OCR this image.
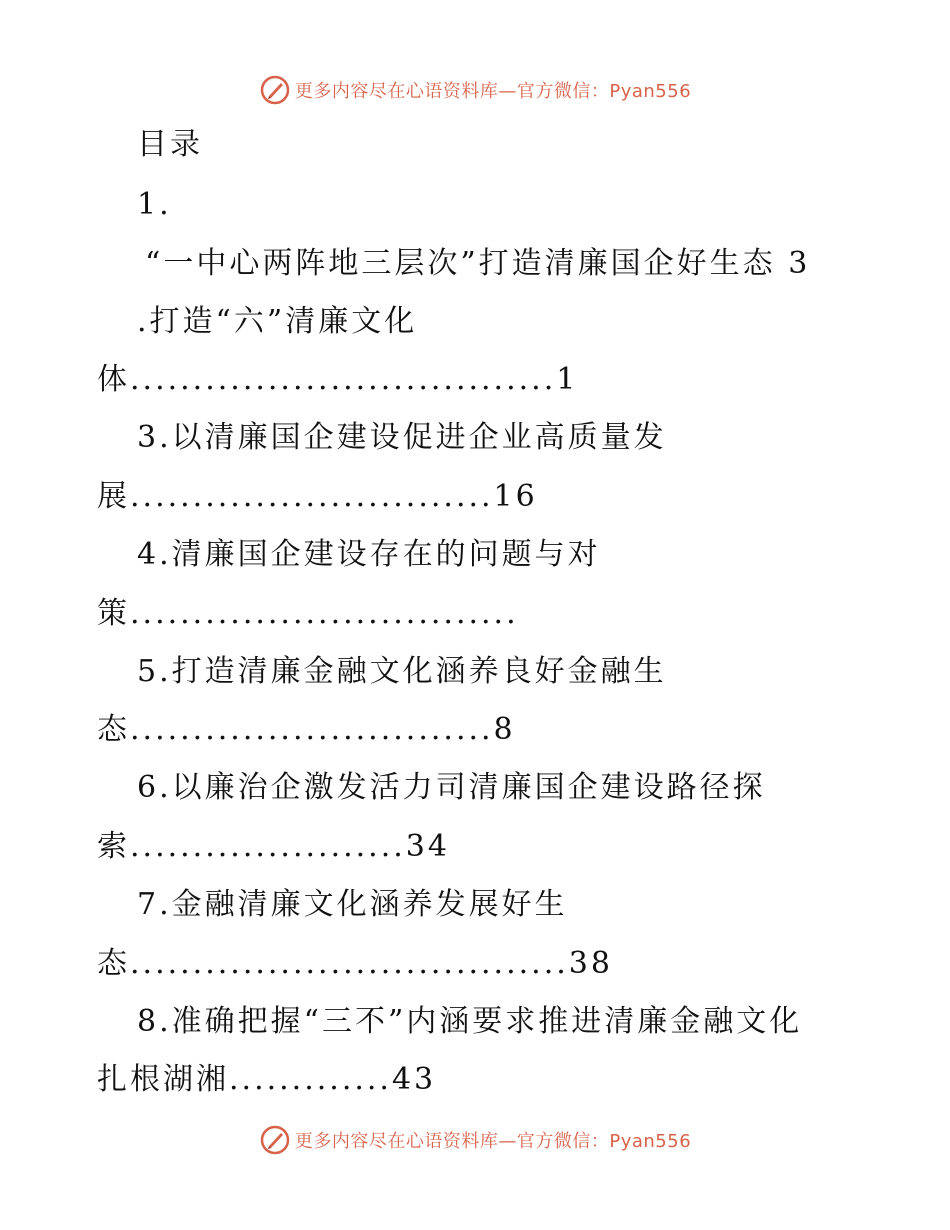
更多内容尽在心语资料库—官方微信：Pyan556
目录
1.
“一中心两阵地三层次”打造清廉国企好生态 3
.打造“六”清廉文化
体..................................1
3.以清廉国企建设促进企业高质量发
展.............................16
4.清廉国企建设存在的问题与对
策...............................
5.打造清廉金融文化涵养良好金融生
态.............................8
6.以廉治企激发活力司清廉国企建设路径探
索......................34
7.金融清廉文化涵养发展好生
态...................................38
8.准确把握“三不”内涵要求推进清廉金融文化
扎根湖湘.............43
更多内容尽在心语资料库—官方微信：Pyan556
